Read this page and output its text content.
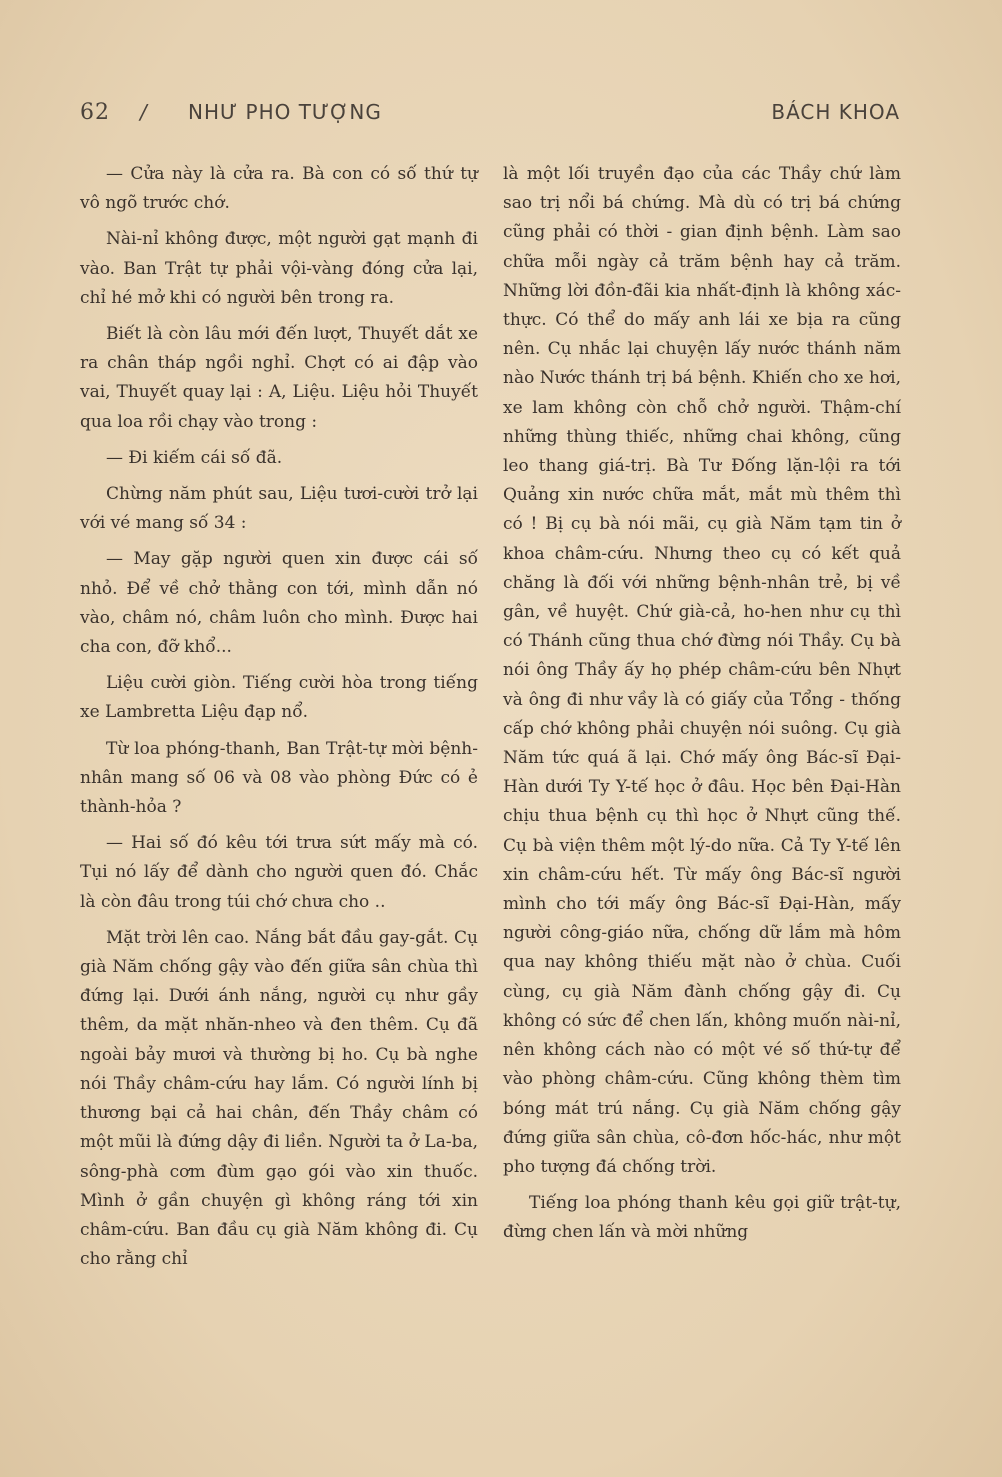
62 / NHƯ PHO TƯỢNG	BÁCH KHOA

— Cửa này là cửa ra. Bà con có số thứ tự vô ngõ trước chớ.

Nài-nỉ không được, một người gạt mạnh đi vào. Ban Trật tự phải vội-vàng đóng cửa lại, chỉ hé mở khi có người bên trong ra.

Biết là còn lâu mới đến lượt, Thuyết dắt xe ra chân tháp ngồi nghỉ. Chợt có ai đập vào vai, Thuyết quay lại : A, Liệu. Liệu hỏi Thuyết qua loa rồi chạy vào trong :

— Đi kiếm cái số đã.

Chừng năm phút sau, Liệu tươi-cười trở lại với vé mang số 34 :

— May gặp người quen xin được cái số nhỏ. Để về chở thằng con tới, mình dẫn nó vào, châm nó, châm luôn cho mình. Được hai cha con, đỡ khổ...

Liệu cười giòn. Tiếng cười hòa trong tiếng xe Lambretta Liệu đạp nổ.

Từ loa phóng-thanh, Ban Trật-tự mời bệnh-nhân mang số 06 và 08 vào phòng Đức có ẻ thành-hỏa ?

— Hai số đó kêu tới trưa sứt mấy mà có. Tụi nó lấy để dành cho người quen đó. Chắc là còn đâu trong túi chớ chưa cho ..

Mặt trời lên cao. Nắng bắt đầu gay-gắt. Cụ già Năm chống gậy vào đến giữa sân chùa thì đứng lại. Dưới ánh nắng, người cụ như gầy thêm, da mặt nhăn-nheo và đen thêm. Cụ đã ngoài bảy mươi và thường bị ho. Cụ bà nghe nói Thầy châm-cứu hay lắm. Có người lính bị thương bại cả hai chân, đến Thầy châm có một mũi là đứng dậy đi liền. Người ta ở La-ba, sông-phà cơm đùm gạo gói vào xin thuốc. Mình ở gần chuyện gì không ráng tới xin châm-cứu. Ban đầu cụ già Năm không đi. Cụ cho rằng chỉ

là một lối truyền đạo của các Thầy chứ làm sao trị nổi bá chứng. Mà dù có trị bá chứng cũng phải có thời - gian định bệnh. Làm sao chữa mỗi ngày cả trăm bệnh hay cả trăm. Những lời đồn-đãi kia nhất-định là không xác-thực. Có thể do mấy anh lái xe bịa ra cũng nên. Cụ nhắc lại chuyện lấy nước thánh năm nào Nước thánh trị bá bệnh. Khiến cho xe hơi, xe lam không còn chỗ chở người. Thậm-chí những thùng thiếc, những chai không, cũng leo thang giá-trị. Bà Tư Đống lặn-lội ra tới Quảng xin nước chữa mắt, mắt mù thêm thì có ! Bị cụ bà nói mãi, cụ già Năm tạm tin ở khoa châm-cứu. Nhưng theo cụ có kết quả chăng là đối với những bệnh-nhân trẻ, bị về gân, về huyệt. Chứ già-cả, ho-hen như cụ thì có Thánh cũng thua chớ đừng nói Thầy. Cụ bà nói ông Thầy ấy họ phép châm-cứu bên Nhựt và ông đi như vầy là có giấy của Tổng - thống cấp chớ không phải chuyện nói suông. Cụ già Năm tức quá ã lại. Chớ mấy ông Bác-sĩ Đại-Hàn dưới Ty Y-tế học ở đâu. Học bên Đại-Hàn chịu thua bệnh cụ thì học ở Nhựt cũng thế. Cụ bà viện thêm một lý-do nữa. Cả Ty Y-tế lên xin châm-cứu hết. Từ mấy ông Bác-sĩ người mình cho tới mấy ông Bác-sĩ Đại-Hàn, mấy người công-giáo nữa, chống dữ lắm mà hôm qua nay không thiếu mặt nào ở chùa. Cuối cùng, cụ già Năm đành chống gậy đi. Cụ không có sức để chen lấn, không muốn nài-nỉ, nên không cách nào có một vé số thứ-tự để vào phòng châm-cứu. Cũng không thèm tìm bóng mát trú nắng. Cụ già Năm chống gậy đứng giữa sân chùa, cô-đơn hốc-hác, như một pho tượng đá chống trời.

Tiếng loa phóng thanh kêu gọi giữ trật-tự, đừng chen lấn và mời những
